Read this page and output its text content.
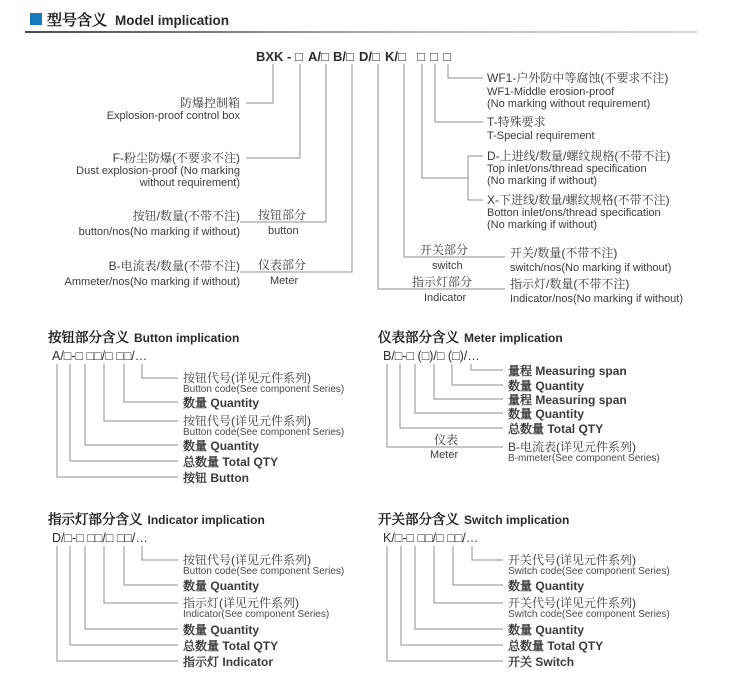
型号含义 Model implication
BXK - □ A/□ B/□ D/□ K/□ □ □ □
防爆控制箱
Explosion-proof control box
F-粉尘防爆(不要求不注)
Dust explosion-proof (No marking
without requirement)
按钮/数量(不带不注)
button/nos(No marking if without)
按钮部分
button
B-电流表/数量(不带不注)
Ammeter/nos(No marking if without)
仪表部分
Meter
WF1-户外防中等腐蚀(不要求不注)
WF1-Middle erosion-proof
(No marking without requirement)
T-特殊要求
T-Special requirement
D-上进线/数量/螺纹规格(不带不注)
Top inlet/ons/thread specification
(No marking if without)
X-下进线/数量/螺纹规格(不带不注)
Botton inlet/ons/thread specification
(No marking if without)
开关部分
switch
开关/数量(不带不注)
switch/nos(No marking if without)
指示灯部分
Indicator
指示灯/数量(不带不注)
Indicator/nos(No marking if without)
按钮部分含义 Button implication
A/□-□ □□/□ □□/…
按钮代号(详见元件系列)
Button code(See component Series)
数量 Quantity
按钮代号(详见元件系列)
Button code(See component Series)
数量 Quantity
总数量 Total QTY
按钮 Button
仪表部分含义 Meter implication
B/□-□ (□)/□ (□)/…
量程 Measuring span
数量 Quantity
量程 Measuring span
数量 Quantity
总数量 Total QTY
仪表
Meter
B-电流表(详见元件系列)
B-mmeter(See component Series)
指示灯部分含义 Indicator implication
D/□-□ □□/□ □□/…
按钮代号(详见元件系列)
Button code(See component Series)
数量 Quantity
指示灯(详见元件系列)
Indicator(See component Series)
数量 Quantity
总数量 Total QTY
指示灯 Indicator
开关部分含义 Switch implication
K/□-□ □□/□ □□/…
开关代号(详见元件系列)
Switch code(See component Series)
数量 Quantity
开关代号(详见元件系列)
Switch code(See component Series)
数量 Quantity
总数量 Total QTY
开关 Switch
